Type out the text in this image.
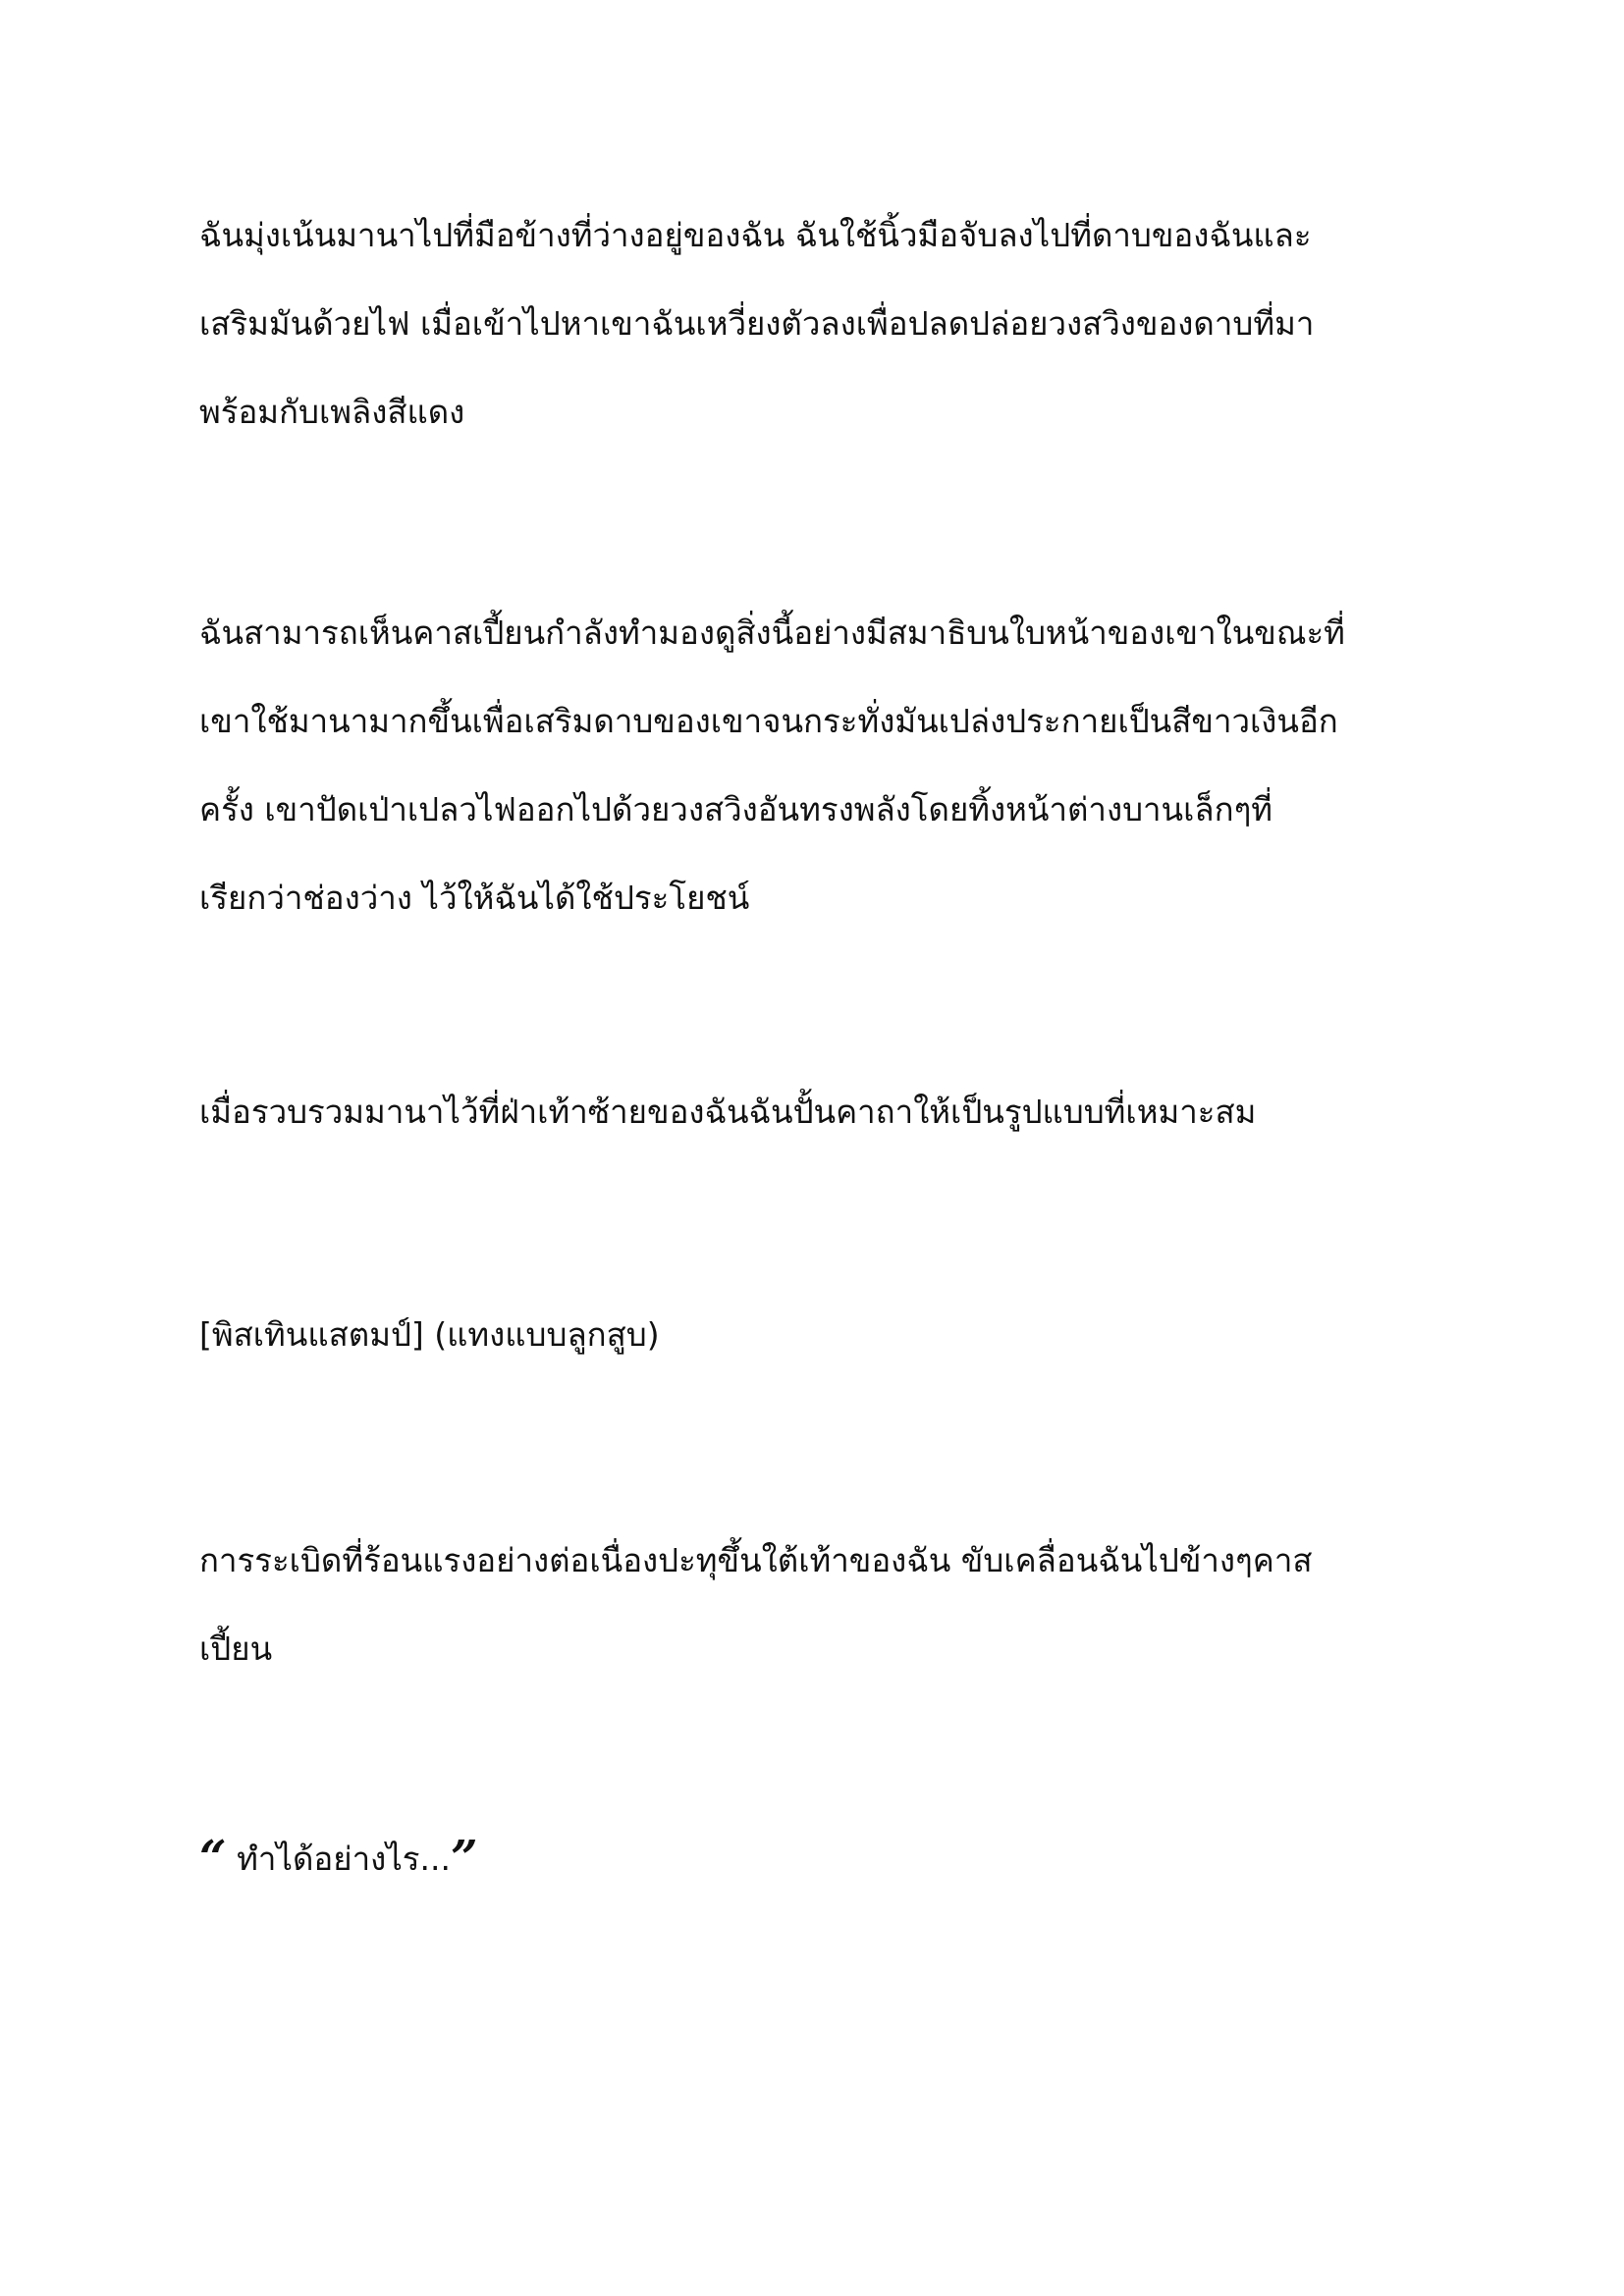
ฉันมุ่งเน้นมานาไปที่มือข้างที่ว่างอยู่ของฉัน ฉันใช้นิ้วมือจับลงไปที่ดาบของฉันและ
เสริมมันด้วยไฟ เมื่อเข้าไปหาเขาฉันเหวี่ยงตัวลงเพื่อปลดปล่อยวงสวิงของดาบที่มา
พร้อมกับเพลิงสีแดง

ฉันสามารถเห็นคาสเปี้ยนกำลังทำมองดูสิ่งนี้อย่างมีสมาธิบนใบหน้าของเขาในขณะที่
เขาใช้มานามากขึ้นเพื่อเสริมดาบของเขาจนกระทั่งมันเปล่งประกายเป็นสีขาวเงินอีก
ครั้ง เขาปัดเป่าเปลวไฟออกไปด้วยวงสวิงอันทรงพลังโดยทิ้งหน้าต่างบานเล็กๆที่
เรียกว่าช่องว่าง ไว้ให้ฉันได้ใช้ประโยชน์

เมื่อรวบรวมมานาไว้ที่ฝ่าเท้าซ้ายของฉันฉันปั้นคาถาให้เป็นรูปแบบที่เหมาะสม

[พิสเทินแสตมป์] (แทงแบบลูกสูบ)

การระเบิดที่ร้อนแรงอย่างต่อเนื่องปะทุขึ้นใต้เท้าของฉัน ขับเคลื่อนฉันไปข้างๆคาส
เปี้ยน

“ ทำได้อย่างไร...”
